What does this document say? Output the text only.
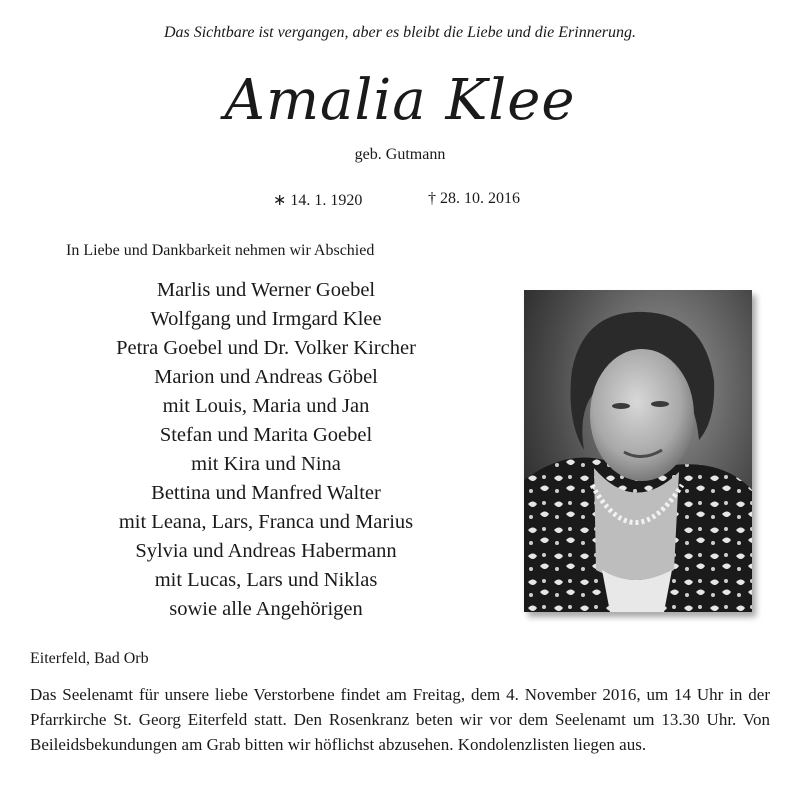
Das Sichtbare ist vergangen, aber es bleibt die Liebe und die Erinnerung.
Amalia Klee
geb. Gutmann
∗ 14. 1. 1920	† 28. 10. 2016
In Liebe und Dankbarkeit nehmen wir Abschied
Marlis und Werner Goebel
Wolfgang und Irmgard Klee
Petra Goebel und Dr. Volker Kircher
Marion und Andreas Göbel
mit Louis, Maria und Jan
Stefan und Marita Goebel
mit Kira und Nina
Bettina und Manfred Walter
mit Leana, Lars, Franca und Marius
Sylvia und Andreas Habermann
mit Lucas, Lars und Niklas
sowie alle Angehörigen
Eiterfeld, Bad Orb

Das Seelenamt für unsere liebe Verstorbene findet am Freitag, dem 4. November 2016, um 14 Uhr in der Pfarrkirche St. Georg Eiterfeld statt. Den Rosenkranz beten wir vor dem Seelenamt um 13.30 Uhr. Von Beileidsbekundungen am Grab bitten wir höflichst abzusehen. Kondolenzlisten liegen aus.
